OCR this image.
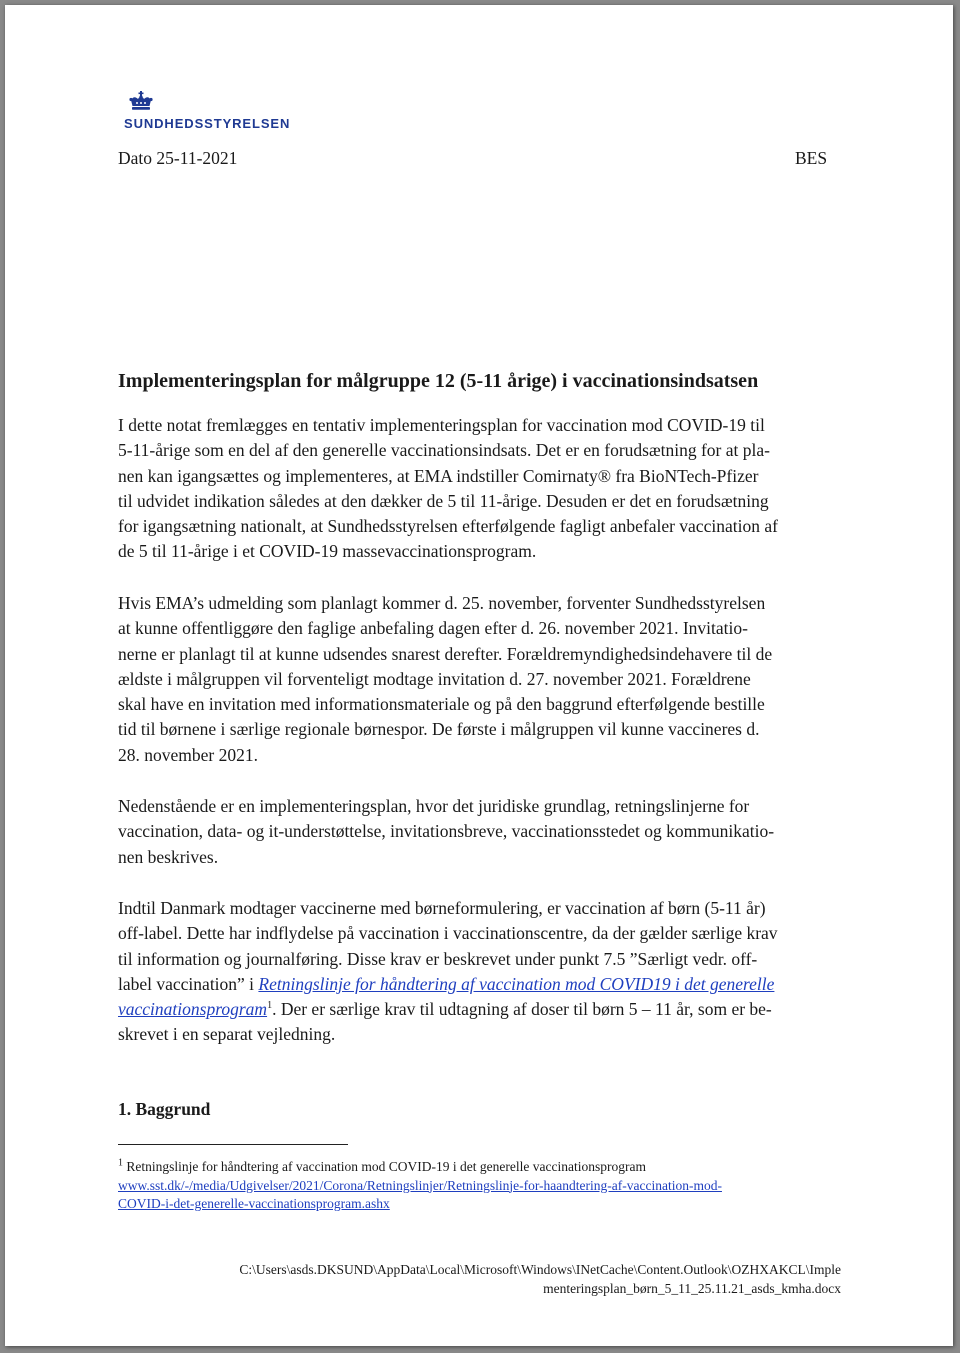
SUNDHEDSSTYRELSEN
Dato 25-11-2021	BES
Implementeringsplan for målgruppe 12 (5-11 årige) i vaccinationsindsatsen
I dette notat fremlægges en tentativ implementeringsplan for vaccination mod COVID-19 til
5-11-årige som en del af den generelle vaccinationsindsats. Det er en forudsætning for at pla-
nen kan igangsættes og implementeres, at EMA indstiller Comirnaty® fra BioNTech-Pfizer
til udvidet indikation således at den dækker de 5 til 11-årige. Desuden er det en forudsætning
for igangsætning nationalt, at Sundhedsstyrelsen efterfølgende fagligt anbefaler vaccination af
de 5 til 11-årige i et COVID-19 massevaccinationsprogram.
Hvis EMA’s udmelding som planlagt kommer d. 25. november, forventer Sundhedsstyrelsen
at kunne offentliggøre den faglige anbefaling dagen efter d. 26. november 2021. Invitatio-
nerne er planlagt til at kunne udsendes snarest derefter. Forældremyndighedsindehavere til de
ældste i målgruppen vil forventeligt modtage invitation d. 27. november 2021. Forældrene
skal have en invitation med informationsmateriale og på den baggrund efterfølgende bestille
tid til børnene i særlige regionale børnespor. De første i målgruppen vil kunne vaccineres d.
28. november 2021.
Nedenstående er en implementeringsplan, hvor det juridiske grundlag, retningslinjerne for
vaccination, data- og it-understøttelse, invitationsbreve, vaccinationsstedet og kommunikatio-
nen beskrives.
Indtil Danmark modtager vaccinerne med børneformulering, er vaccination af børn (5-11 år)
off-label. Dette har indflydelse på vaccination i vaccinationscentre, da der gælder særlige krav
til information og journalføring. Disse krav er beskrevet under punkt 7.5 ”Særligt vedr. off-
label vaccination” i Retningslinje for håndtering af vaccination mod COVID19 i det generelle
vaccinationsprogram$^1$. Der er særlige krav til udtagning af doser til børn 5 – 11 år, som er be-
skrevet i en separat vejledning.
1. Baggrund
$^1$ Retningslinje for håndtering af vaccination mod COVID-19 i det generelle vaccinationsprogram
www.sst.dk/-/media/Udgivelser/2021/Corona/Retningslinjer/Retningslinje-for-haandtering-af-vaccination-mod-
COVID-i-det-generelle-vaccinationsprogram.ashx
C:\Users\asds.DKSUND\AppData\Local\Microsoft\Windows\INetCache\Content.Outlook\OZHXAKCL\Imple
menteringsplan_børn_5_11_25.11.21_asds_kmha.docx
